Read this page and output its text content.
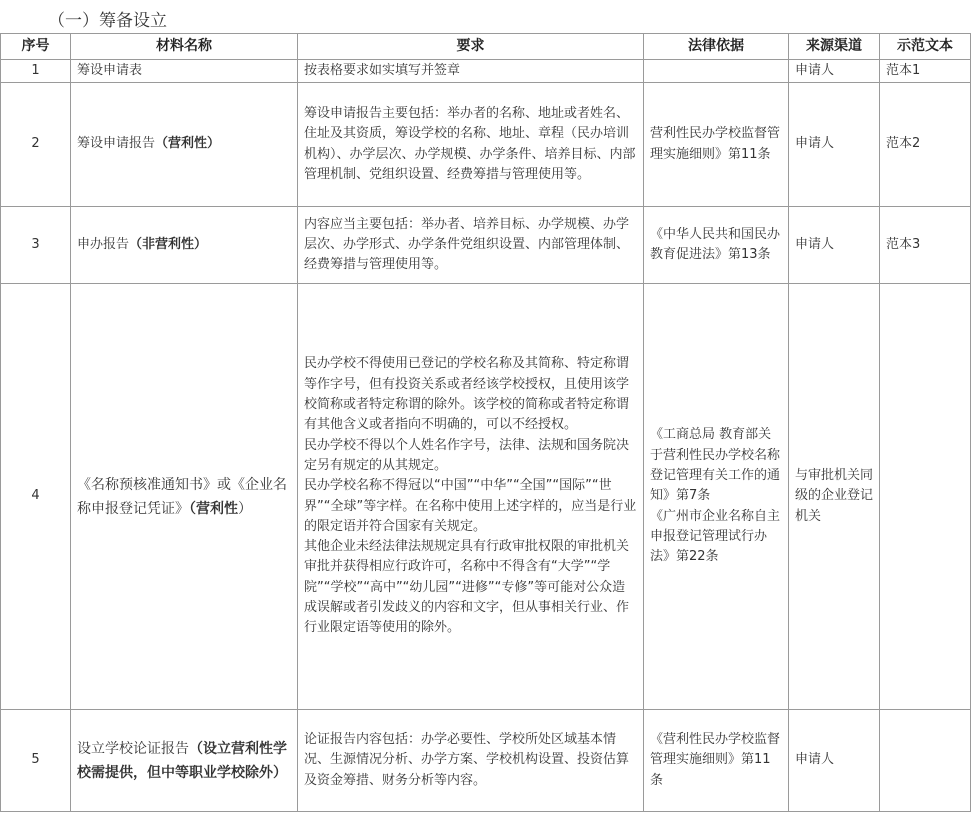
（一）筹备设立
序号	材料名称	要求	法律依据	来源渠道	示范文本
1	筹设申请表	按表格要求如实填写并签章		申请人	范本1
2	筹设申请报告（营利性）	筹设申请报告主要包括：举办者的名称、地址或者姓名、住址及其资质，筹设学校的名称、地址、章程（民办培训机构）、办学层次、办学规模、办学条件、培养目标、内部管理机制、党组织设置、经费筹措与管理使用等。	营利性民办学校监督管理实施细则》第11条	申请人	范本2
3	申办报告（非营利性）	内容应当主要包括：举办者、培养目标、办学规模、办学层次、办学形式、办学条件党组织设置、内部管理体制、经费筹措与管理使用等。	《中华人民共和国民办教育促进法》第13条	申请人	范本3
4	《名称预核准通知书》或《企业名称申报登记凭证》（营利性）	民办学校不得使用已登记的学校名称及其简称、特定称谓等作字号，但有投资关系或者经该学校授权，且使用该学校简称或者特定称谓的除外。该学校的简称或者特定称谓有其他含义或者指向不明确的，可以不经授权。
民办学校不得以个人姓名作字号，法律、法规和国务院决定另有规定的从其规定。
民办学校名称不得冠以“中国”“中华”“全国”“国际”“世界”“全球”等字样。在名称中使用上述字样的，应当是行业的限定语并符合国家有关规定。
其他企业未经法律法规规定具有行政审批权限的审批机关审批并获得相应行政许可，名称中不得含有“大学”“学院”“学校”“高中”“幼儿园”“进修”“专修”等可能对公众造成误解或者引发歧义的内容和文字，但从事相关行业、作行业限定语等使用的除外。	《工商总局 教育部关于营利性民办学校名称登记管理有关工作的通知》第7条
《广州市企业名称自主申报登记管理试行办法》第22条	与审批机关同级的企业登记机关	
5	设立学校论证报告（设立营利性学校需提供，但中等职业学校除外）	论证报告内容包括：办学必要性、学校所处区域基本情况、生源情况分析、办学方案、学校机构设置、投资估算及资金筹措、财务分析等内容。	《营利性民办学校监督管理实施细则》第11条	申请人	
